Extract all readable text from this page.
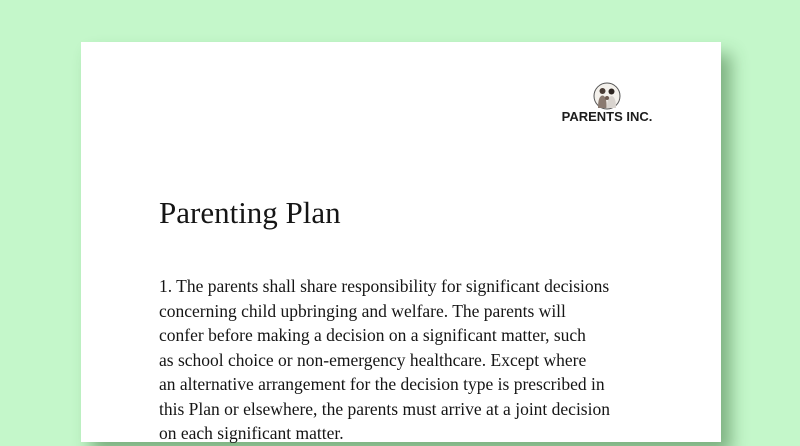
PARENTS INC.
Parenting Plan
1. The parents shall share responsibility for significant decisions
concerning child upbringing and welfare. The parents will
confer before making a decision on a significant matter, such
as school choice or non-emergency healthcare. Except where
an alternative arrangement for the decision type is prescribed in
this Plan or elsewhere, the parents must arrive at a joint decision
on each significant matter.
